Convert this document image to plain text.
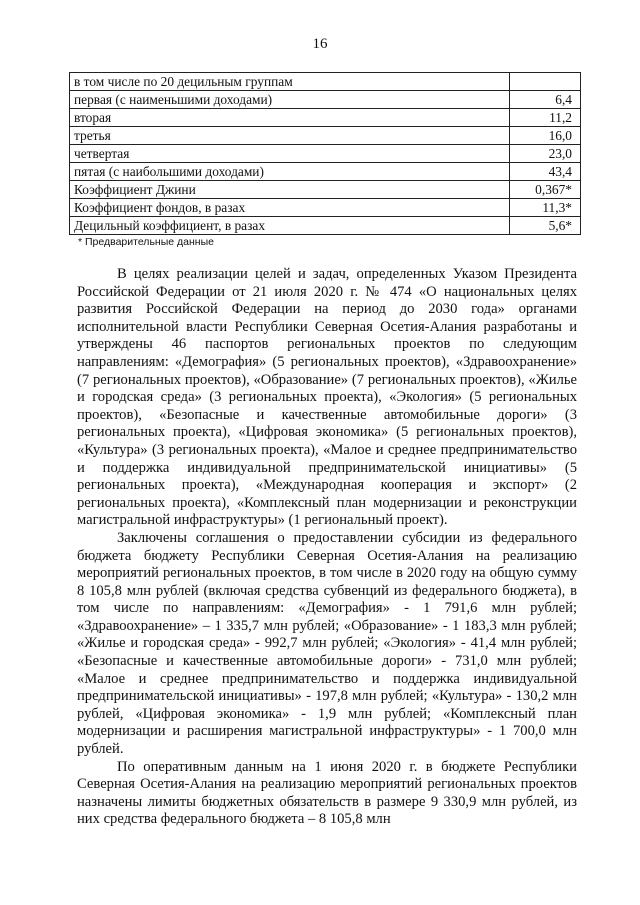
16
в том числе по 20 децильным группам	
первая (с наименьшими доходами)	6,4
вторая	11,2
третья	16,0
четвертая	23,0
пятая (с наибольшими доходами)	43,4
Коэффициент Джини	0,367*
Коэффициент фондов, в разах	11,3*
Децильный коэффициент, в разах	5,6*
* Предварительные данные

В целях реализации целей и задач, определенных Указом Президента Российской Федерации от 21 июля 2020 г. № 474 «О национальных целях развития Российской Федерации на период до 2030 года» органами исполнительной власти Республики Северная Осетия-Алания разработаны и утверждены 46 паспортов региональных проектов по следующим направлениям: «Демография» (5 региональных проектов), «Здравоохранение» (7 региональных проектов), «Образование» (7 региональных проектов), «Жилье и городская среда» (3 региональных проекта), «Экология» (5 региональных проектов), «Безопасные и качественные автомобильные дороги» (3 региональных проекта), «Цифровая экономика» (5 региональных проектов), «Культура» (3 региональных проекта), «Малое и среднее предпринимательство и поддержка индивидуальной предпринимательской инициативы» (5 региональных проекта), «Международная кооперация и экспорт» (2 региональных проекта), «Комплексный план модернизации и реконструкции магистральной инфраструктуры» (1 региональный проект).

Заключены соглашения о предоставлении субсидии из федерального бюджета бюджету Республики Северная Осетия-Алания на реализацию мероприятий региональных проектов, в том числе в 2020 году на общую сумму 8 105,8 млн рублей (включая средства субвенций из федерального бюджета), в том числе по направлениям: «Демография» - 1 791,6 млн рублей; «Здравоохранение» – 1 335,7 млн рублей; «Образование» - 1 183,3 млн рублей; «Жилье и городская среда» - 992,7 млн рублей; «Экология» - 41,4 млн рублей; «Безопасные и качественные автомобильные дороги» - 731,0 млн рублей; «Малое и среднее предпринимательство и поддержка индивидуальной предпринимательской инициативы» - 197,8 млн рублей; «Культура» - 130,2 млн рублей, «Цифровая экономика» - 1,9 млн рублей; «Комплексный план модернизации и расширения магистральной инфраструктуры» - 1 700,0 млн рублей.

По оперативным данным на 1 июня 2020 г. в бюджете Республики Северная Осетия-Алания на реализацию мероприятий региональных проектов назначены лимиты бюджетных обязательств в размере 9 330,9 млн рублей, из них средства федерального бюджета – 8 105,8 млн
